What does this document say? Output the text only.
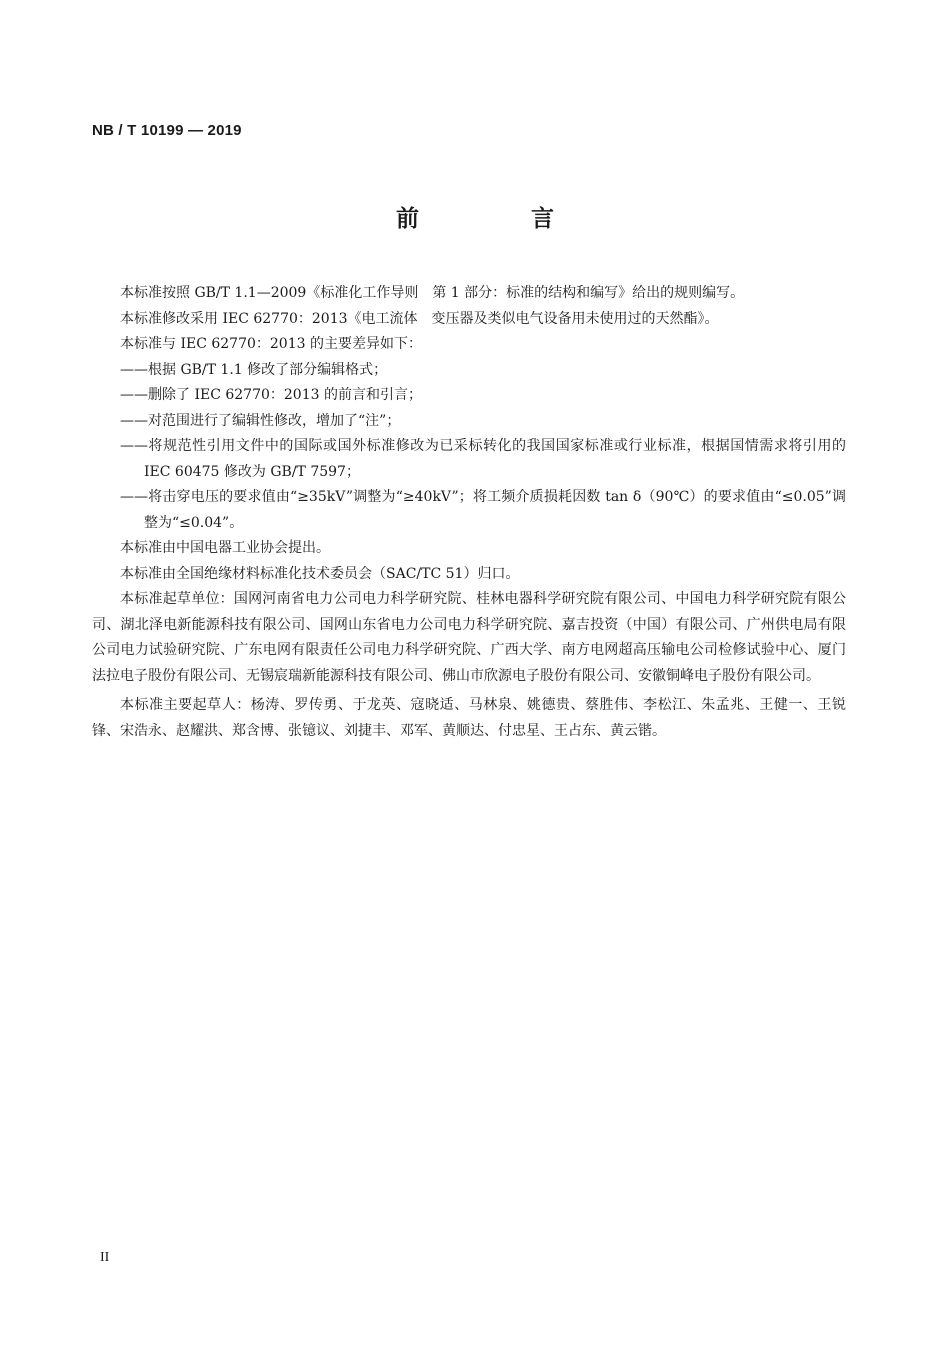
NB / T 10199 — 2019
前 言

本标准按照 GB/T 1.1—2009《标准化工作导则　第 1 部分：标准的结构和编写》给出的规则编写。

本标准修改采用 IEC 62770：2013《电工流体　变压器及类似电气设备用未使用过的天然酯》。

本标准与 IEC 62770：2013 的主要差异如下：

——根据 GB/T 1.1 修改了部分编辑格式；

——删除了 IEC 62770：2013 的前言和引言；

——对范围进行了编辑性修改，增加了“注”；

——将规范性引用文件中的国际或国外标准修改为已采标转化的我国国家标准或行业标准，根据国情需求将引用的 IEC 60475 修改为 GB/T 7597；

——将击穿电压的要求值由“≥35kV”调整为“≥40kV”；将工频介质损耗因数 tan δ（90℃）的要求值由“≤0.05”调整为“≤0.04”。

本标准由中国电器工业协会提出。

本标准由全国绝缘材料标准化技术委员会（SAC/TC 51）归口。

本标准起草单位：国网河南省电力公司电力科学研究院、桂林电器科学研究院有限公司、中国电力科学研究院有限公司、湖北泽电新能源科技有限公司、国网山东省电力公司电力科学研究院、嘉吉投资（中国）有限公司、广州供电局有限公司电力试验研究院、广东电网有限责任公司电力科学研究院、广西大学、南方电网超高压输电公司检修试验中心、厦门法拉电子股份有限公司、无锡宸瑞新能源科技有限公司、佛山市欣源电子股份有限公司、安徽铜峰电子股份有限公司。

本标准主要起草人：杨涛、罗传勇、于龙英、寇晓适、马林泉、姚德贵、蔡胜伟、李松江、朱孟兆、王健一、王锐锋、宋浩永、赵耀洪、郑含博、张镱议、刘捷丰、邓军、黄顺达、付忠星、王占东、黄云锴。

II
